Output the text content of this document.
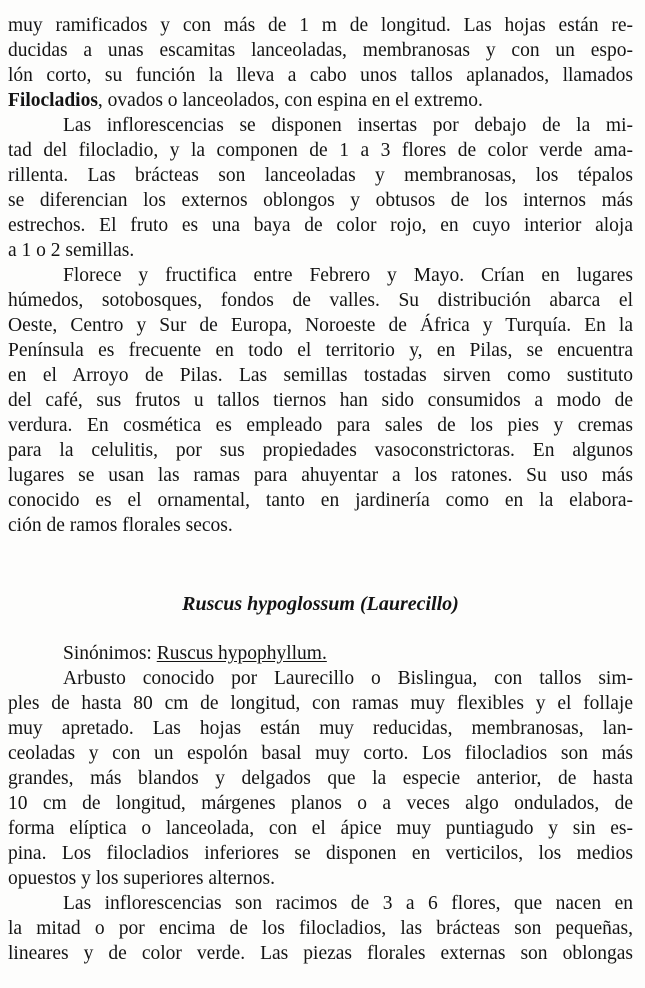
muy ramificados y con más de 1 m de longitud. Las hojas están re-
ducidas a unas escamitas lanceoladas, membranosas y con un espo-
lón corto, su función la lleva a cabo unos tallos aplanados, llamados
Filocladios, ovados o lanceolados, con espina en el extremo.
Las inflorescencias se disponen insertas por debajo de la mi-
tad del filocladio, y la componen de 1 a 3 flores de color verde ama-
rillenta. Las brácteas son lanceoladas y membranosas, los tépalos
se diferencian los externos oblongos y obtusos de los internos más
estrechos. El fruto es una baya de color rojo, en cuyo interior aloja
a 1 o 2 semillas.
Florece y fructifica entre Febrero y Mayo. Crían en lugares
húmedos, sotobosques, fondos de valles. Su distribución abarca el
Oeste, Centro y Sur de Europa, Noroeste de África y Turquía. En la
Península es frecuente en todo el territorio y, en Pilas, se encuentra
en el Arroyo de Pilas. Las semillas tostadas sirven como sustituto
del café, sus frutos u tallos tiernos han sido consumidos a modo de
verdura. En cosmética es empleado para sales de los pies y cremas
para la celulitis, por sus propiedades vasoconstrictoras. En algunos
lugares se usan las ramas para ahuyentar a los ratones. Su uso más
conocido es el ornamental, tanto en jardinería como en la elabora-
ción de ramos florales secos.
Ruscus hypoglossum (Laurecillo)
Sinónimos: Ruscus hypophyllum.
Arbusto conocido por Laurecillo o Bislingua, con tallos sim-
ples de hasta 80 cm de longitud, con ramas muy flexibles y el follaje
muy apretado. Las hojas están muy reducidas, membranosas, lan-
ceoladas y con un espolón basal muy corto. Los filocladios son más
grandes, más blandos y delgados que la especie anterior, de hasta
10 cm de longitud, márgenes planos o a veces algo ondulados, de
forma elíptica o lanceolada, con el ápice muy puntiagudo y sin es-
pina. Los filocladios inferiores se disponen en verticilos, los medios
opuestos y los superiores alternos.
Las inflorescencias son racimos de 3 a 6 flores, que nacen en
la mitad o por encima de los filocladios, las brácteas son pequeñas,
lineares y de color verde. Las piezas florales externas son oblongas
